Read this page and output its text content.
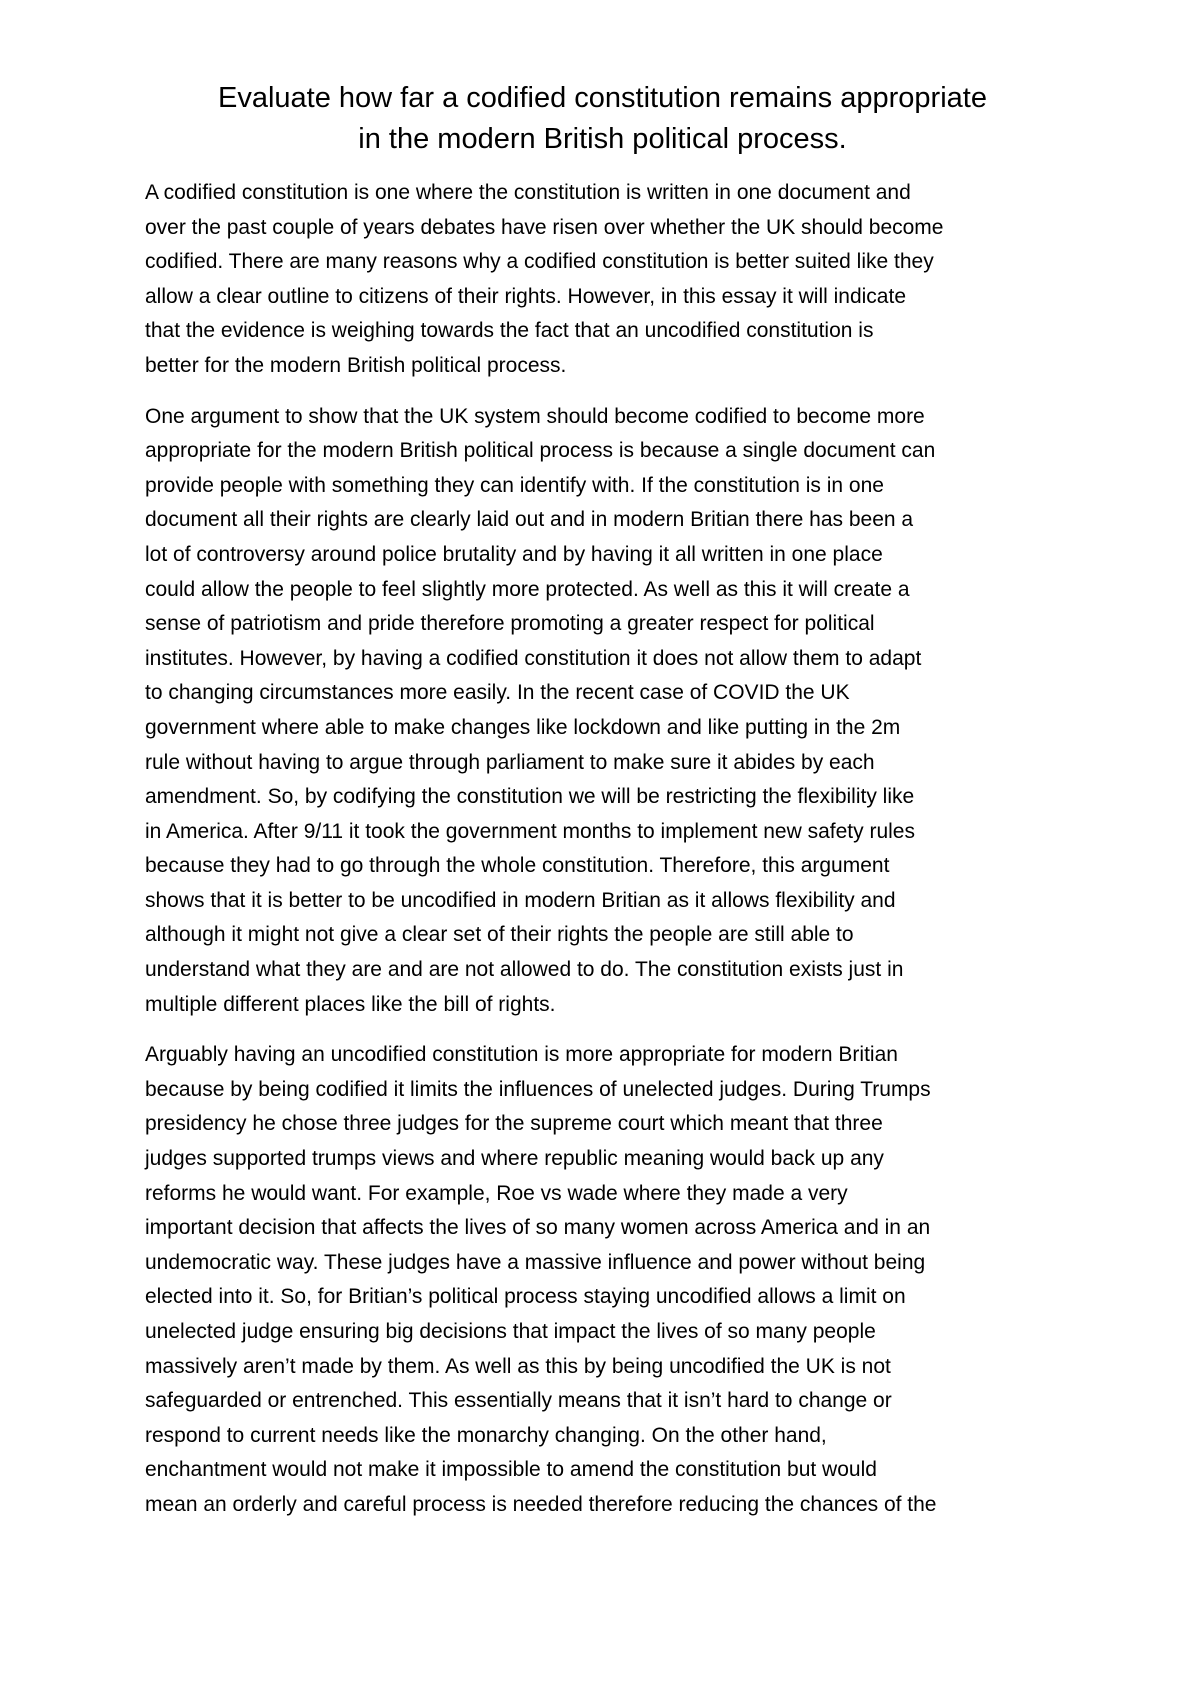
Evaluate how far a codified constitution remains appropriate
in the modern British political process.

A codified constitution is one where the constitution is written in one document and
over the past couple of years debates have risen over whether the UK should become
codified. There are many reasons why a codified constitution is better suited like they
allow a clear outline to citizens of their rights. However, in this essay it will indicate
that the evidence is weighing towards the fact that an uncodified constitution is
better for the modern British political process.

One argument to show that the UK system should become codified to become more
appropriate for the modern British political process is because a single document can
provide people with something they can identify with. If the constitution is in one
document all their rights are clearly laid out and in modern Britian there has been a
lot of controversy around police brutality and by having it all written in one place
could allow the people to feel slightly more protected. As well as this it will create a
sense of patriotism and pride therefore promoting a greater respect for political
institutes. However, by having a codified constitution it does not allow them to adapt
to changing circumstances more easily. In the recent case of COVID the UK
government where able to make changes like lockdown and like putting in the 2m
rule without having to argue through parliament to make sure it abides by each
amendment. So, by codifying the constitution we will be restricting the flexibility like
in America. After 9/11 it took the government months to implement new safety rules
because they had to go through the whole constitution. Therefore, this argument
shows that it is better to be uncodified in modern Britian as it allows flexibility and
although it might not give a clear set of their rights the people are still able to
understand what they are and are not allowed to do. The constitution exists just in
multiple different places like the bill of rights.

Arguably having an uncodified constitution is more appropriate for modern Britian
because by being codified it limits the influences of unelected judges. During Trumps
presidency he chose three judges for the supreme court which meant that three
judges supported trumps views and where republic meaning would back up any
reforms he would want. For example, Roe vs wade where they made a very
important decision that affects the lives of so many women across America and in an
undemocratic way. These judges have a massive influence and power without being
elected into it. So, for Britian’s political process staying uncodified allows a limit on
unelected judge ensuring big decisions that impact the lives of so many people
massively aren’t made by them. As well as this by being uncodified the UK is not
safeguarded or entrenched. This essentially means that it isn’t hard to change or
respond to current needs like the monarchy changing. On the other hand,
enchantment would not make it impossible to amend the constitution but would
mean an orderly and careful process is needed therefore reducing the chances of the
